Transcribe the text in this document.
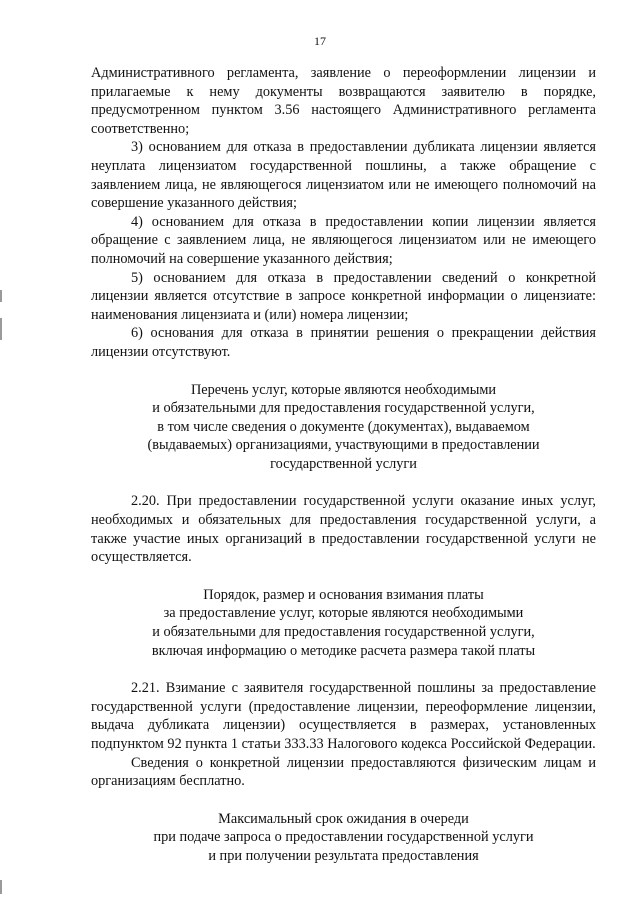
17

Административного регламента, заявление о переоформлении лицензии и прилагаемые к нему документы возвращаются заявителю в порядке, предусмотренном пунктом 3.56 настоящего Административного регламента соответственно;

3) основанием для отказа в предоставлении дубликата лицензии является неуплата лицензиатом государственной пошлины, а также обращение с заявлением лица, не являющегося лицензиатом или не имеющего полномочий на совершение указанного действия;

4) основанием для отказа в предоставлении копии лицензии является обращение с заявлением лица, не являющегося лицензиатом или не имеющего полномочий на совершение указанного действия;

5) основанием для отказа в предоставлении сведений о конкретной лицензии является отсутствие в запросе конкретной информации о лицензиате: наименования лицензиата и (или) номера лицензии;

6) основания для отказа в принятии решения о прекращении действия лицензии отсутствуют.

Перечень услуг, которые являются необходимыми
и обязательными для предоставления государственной услуги,
в том числе сведения о документе (документах), выдаваемом
(выдаваемых) организациями, участвующими в предоставлении
государственной услуги

2.20. При предоставлении государственной услуги оказание иных услуг, необходимых и обязательных для предоставления государственной услуги, а также участие иных организаций в предоставлении государственной услуги не осуществляется.

Порядок, размер и основания взимания платы
за предоставление услуг, которые являются необходимыми
и обязательными для предоставления государственной услуги,
включая информацию о методике расчета размера такой платы

2.21. Взимание с заявителя государственной пошлины за предоставление государственной услуги (предоставление лицензии, переоформление лицензии, выдача дубликата лицензии) осуществляется в размерах, установленных подпунктом 92 пункта 1 статьи 333.33 Налогового кодекса Российской Федерации.

Сведения о конкретной лицензии предоставляются физическим лицам и организациям бесплатно.

Максимальный срок ожидания в очереди
при подаче запроса о предоставлении государственной услуги
и при получении результата предоставления
